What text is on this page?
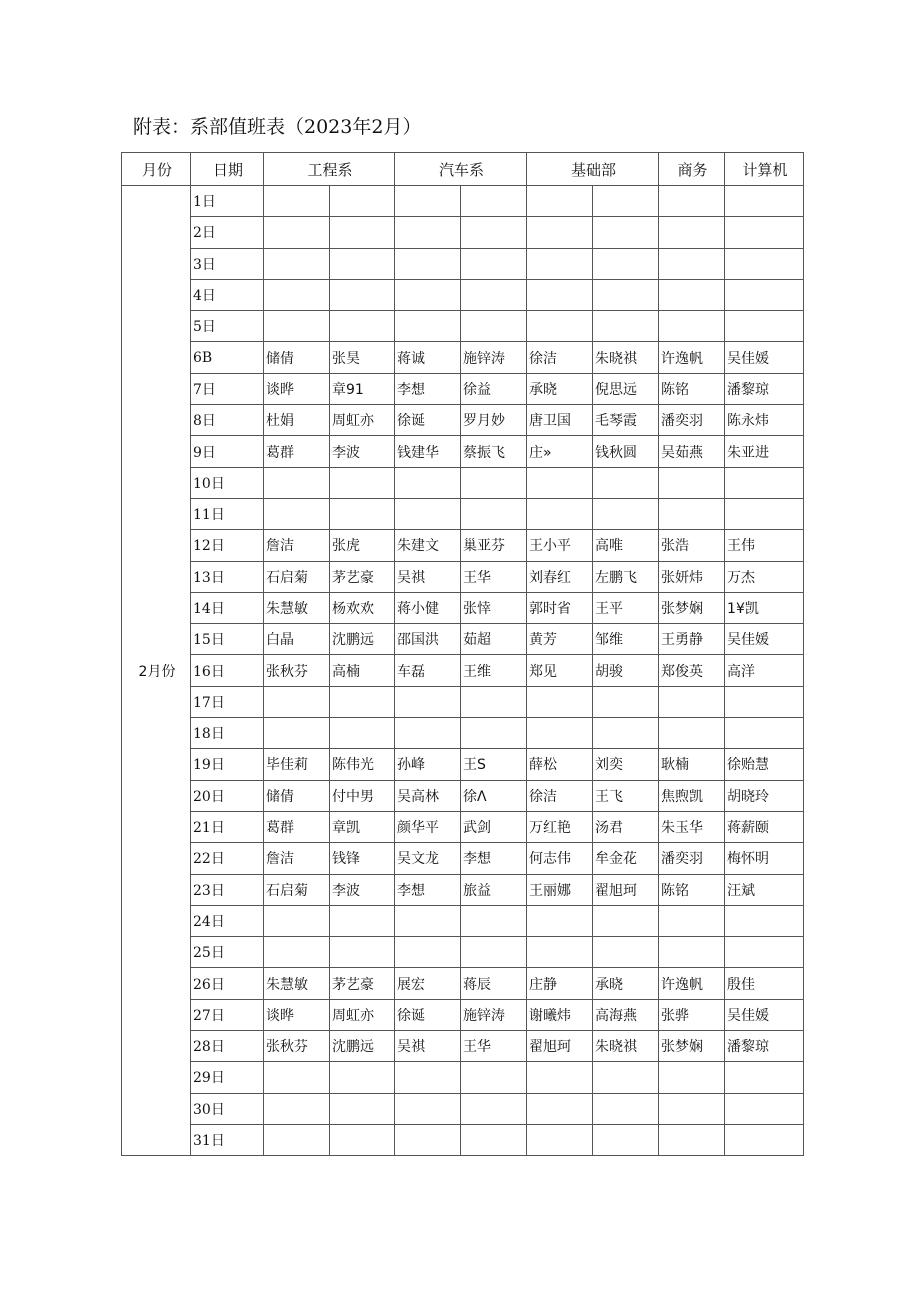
附表：系部值班表（2023年2月）
月份	日期	工程系		汽车系		基础部		商务	计算机
2月份	1日								
	2日								
	3日								
	4日								
	5日								
	6B	储倩	张昊	蒋诚	施锌涛	徐洁	朱晓祺	许逸帆	吴佳媛
	7日	谈晔	章91	李想	徐益	承晓	倪思远	陈铭	潘黎琼
	8日	杜娟	周虹亦	徐诞	罗月妙	唐卫国	毛琴霞	潘奕羽	陈永炜
	9日	葛群	李波	钱建华	蔡振飞	庄»	钱秋圆	吴茹燕	朱亚进
	10日								
	11日								
	12日	詹洁	张虎	朱建文	巢亚芬	王小平	高唯	张浩	王伟
	13日	石启菊	茅艺豪	吴祺	王华	刘春红	左鹏飞	张妍炜	万杰
	14日	朱慧敏	杨欢欢	蒋小健	张悻	郭时省	王平	张梦娴	1¥凯
	15日	白晶	沈鹏远	邵国洪	茹超	黄芳	邹维	王勇静	吴佳媛
	16日	张秋芬	高楠	车磊	王维	郑见	胡骏	郑俊英	高洋
	17日								
	18日								
	19日	毕佳莉	陈伟光	孙峰	王S	薛松	刘奕	耿楠	徐贻慧
	20日	储倩	付中男	吴高林	徐Λ	徐洁	王飞	焦煦凯	胡晓玲
	21日	葛群	章凯	颜华平	武剑	万红艳	汤君	朱玉华	蒋薪颐
	22日	詹洁	钱锋	吴文龙	李想	何志伟	牟金花	潘奕羽	梅怀明
	23日	石启菊	李波	李想	旅益	王丽娜	翟旭珂	陈铭	汪斌
	24日								
	25日								
	26日	朱慧敏	茅艺豪	展宏	蒋辰	庄静	承晓	许逸帆	殷佳
	27日	谈晔	周虹亦	徐诞	施锌涛	谢曦炜	高海燕	张骅	吴佳媛
	28日	张秋芬	沈鹏远	吴祺	王华	翟旭珂	朱晓祺	张梦娴	潘黎琼
	29日								
	30日								
	31日								
